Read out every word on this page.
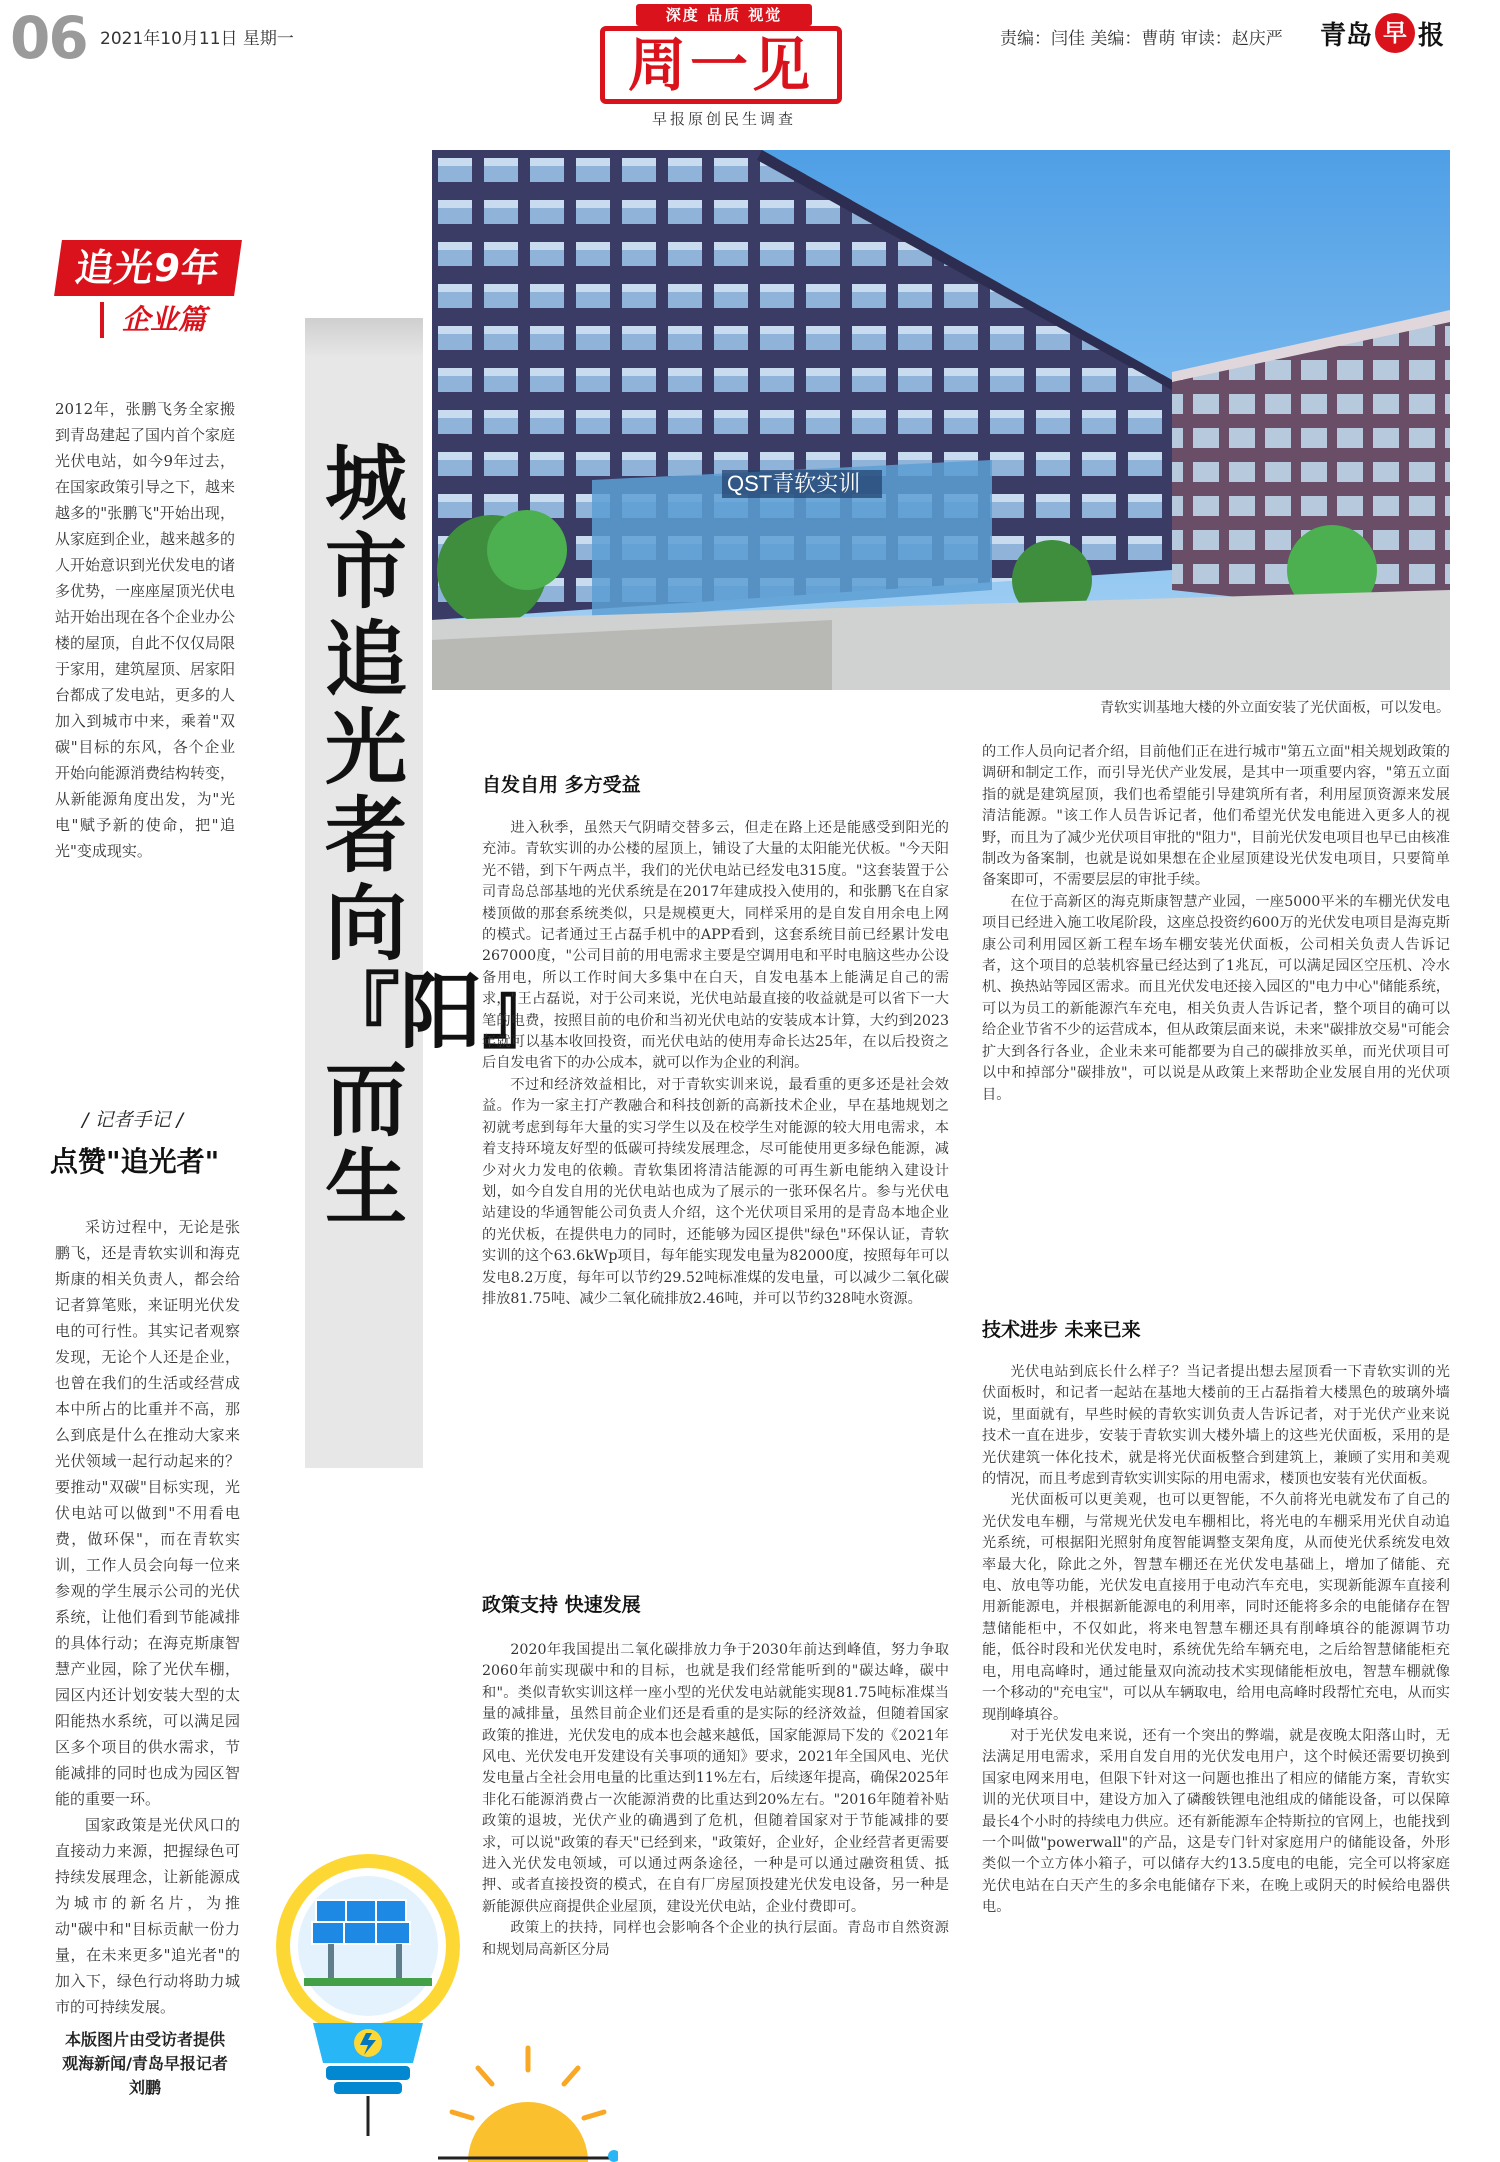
06 2021年10月11日 星期一	责编：闫佳 美编：曹萌 审读：赵庆严 青岛 早 报
深度 品质 视觉
周一见
早报原创民生调查
追光9年
企业篇
2012年，张鹏飞务全家搬到青岛建起了国内首个家庭光伏电站，如今9年过去，在国家政策引导之下，越来越多的"张鹏飞"开始出现，从家庭到企业，越来越多的人开始意识到光伏发电的诸多优势，一座座屋顶光伏电站开始出现在各个企业办公楼的屋顶，自此不仅仅局限于家用，建筑屋顶、居家阳台都成了发电站，更多的人加入到城市中来，乘着"双碳"目标的东风，各个企业开始向能源消费结构转变，从新能源角度出发，为"光电"赋予新的使命，把"追光"变成现实。
/ 记者手记 /
点赞"追光者"

采访过程中，无论是张鹏飞，还是青软实训和海克斯康的相关负责人，都会给记者算笔账，来证明光伏发电的可行性。其实记者观察发现，无论个人还是企业，也曾在我们的生活或经营成本中所占的比重并不高，那么到底是什么在推动大家来光伏领域一起行动起来的？要推动"双碳"目标实现，光伏电站可以做到"不用看电费，做环保"，而在青软实训，工作人员会向每一位来参观的学生展示公司的光伏系统，让他们看到节能减排的具体行动；在海克斯康智慧产业园，除了光伏车棚，园区内还计划安装大型的太阳能热水系统，可以满足园区多个项目的供水需求，节能减排的同时也成为园区智能的重要一环。

国家政策是光伏风口的直接动力来源，把握绿色可持续发展理念，让新能源成为城市的新名片，为推动"碳中和"目标贡献一份力量，在未来更多"追光者"的加入下，绿色行动将助力城市的可持续发展。

本版图片由受访者提供
观海新闻/青岛早报记者
刘鹏
城市追光者向『阳』而生
QST青软实训
青软实训基地大楼的外立面安装了光伏面板，可以发电。
自发自用 多方受益

进入秋季，虽然天气阴晴交替多云，但走在路上还是能感受到阳光的充沛。青软实训的办公楼的屋顶上，铺设了大量的太阳能光伏板。"今天阳光不错，到下午两点半，我们的光伏电站已经发电315度。"这套装置于公司青岛总部基地的光伏系统是在2017年建成投入使用的，和张鹏飞在自家楼顶做的那套系统类似，只是规模更大，同样采用的是自发自用余电上网的模式。记者通过王占磊手机中的APP看到，这套系统目前已经累计发电267000度，"公司目前的用电需求主要是空调用电和平时电脑这些办公设备用电，所以工作时间大多集中在白天，自发电基本上能满足自己的需求，"王占磊说，对于公司来说，光伏电站最直接的收益就是可以省下一大笔的电费，按照目前的电价和当初光伏电站的安装成本计算，大约到2023年就可以基本收回投资，而光伏电站的使用寿命长达25年，在以后投资之后自发电省下的办公成本，就可以作为企业的利润。

不过和经济效益相比，对于青软实训来说，最看重的更多还是社会效益。作为一家主打产教融合和科技创新的高新技术企业，早在基地规划之初就考虑到每年大量的实习学生以及在校学生对能源的较大用电需求，本着支持环境友好型的低碳可持续发展理念，尽可能使用更多绿色能源，减少对火力发电的依赖。青软集团将清洁能源的可再生新电能纳入建设计划，如今自发自用的光伏电站也成为了展示的一张环保名片。参与光伏电站建设的华通智能公司负责人介绍，这个光伏项目采用的是青岛本地企业的光伏板，在提供电力的同时，还能够为园区提供"绿色"环保认证，青软实训的这个63.6kWp项目，每年能实现发电量为82000度，按照每年可以发电8.2万度，每年可以节约29.52吨标准煤的发电量，可以减少二氧化碳排放81.75吨、减少二氧化硫排放2.46吨，并可以节约328吨水资源。

政策支持 快速发展

2020年我国提出二氧化碳排放力争于2030年前达到峰值，努力争取2060年前实现碳中和的目标，也就是我们经常能听到的"碳达峰，碳中和"。类似青软实训这样一座小型的光伏发电站就能实现81.75吨标准煤当量的减排量，虽然目前企业们还是看重的是实际的经济效益，但随着国家政策的推进，光伏发电的成本也会越来越低，国家能源局下发的《2021年风电、光伏发电开发建设有关事项的通知》要求，2021年全国风电、光伏发电量占全社会用电量的比重达到11%左右，后续逐年提高，确保2025年非化石能源消费占一次能源消费的比重达到20%左右。"2016年随着补贴政策的退坡，光伏产业的确遇到了危机，但随着国家对于节能减排的要求，可以说"政策的春天"已经到来，"政策好，企业好，企业经营者更需要进入光伏发电领域，可以通过两条途径，一种是可以通过融资租赁、抵押、或者直接投资的模式，在自有厂房屋顶投建光伏发电设备，另一种是新能源供应商提供企业屋顶，建设光伏电站，企业付费即可。

政策上的扶持，同样也会影响各个企业的执行层面。青岛市自然资源和规划局高新区分局

的工作人员向记者介绍，目前他们正在进行城市"第五立面"相关规划政策的调研和制定工作，而引导光伏产业发展，是其中一项重要内容，"第五立面指的就是建筑屋顶，我们也希望能引导建筑所有者，利用屋顶资源来发展清洁能源。"该工作人员告诉记者，他们希望光伏发电能进入更多人的视野，而且为了减少光伏项目审批的"阻力"，目前光伏发电项目也早已由核准制改为备案制，也就是说如果想在企业屋顶建设光伏发电项目，只要简单备案即可，不需要层层的审批手续。

在位于高新区的海克斯康智慧产业园，一座5000平米的车棚光伏发电项目已经进入施工收尾阶段，这座总投资约600万的光伏发电项目是海克斯康公司利用园区新工程车场车棚安装光伏面板，公司相关负责人告诉记者，这个项目的总装机容量已经达到了1兆瓦，可以满足园区空压机、冷水机、换热站等园区需求。而且光伏发电还接入园区的"电力中心"储能系统，可以为员工的新能源汽车充电，相关负责人告诉记者，整个项目的确可以给企业节省不少的运营成本，但从政策层面来说，未来"碳排放交易"可能会扩大到各行各业，企业未来可能都要为自己的碳排放买单，而光伏项目可以中和掉部分"碳排放"，可以说是从政策上来帮助企业发展自用的光伏项目。

技术进步 未来已来

光伏电站到底长什么样子？当记者提出想去屋顶看一下青软实训的光伏面板时，和记者一起站在基地大楼前的王占磊指着大楼黑色的玻璃外墙说，里面就有，早些时候的青软实训负责人告诉记者，对于光伏产业来说技术一直在进步，安装于青软实训大楼外墙上的这些光伏面板，采用的是光伏建筑一体化技术，就是将光伏面板整合到建筑上，兼顾了实用和美观的情况，而且考虑到青软实训实际的用电需求，楼顶也安装有光伏面板。

光伏面板可以更美观，也可以更智能，不久前将光电就发布了自己的光伏发电车棚，与常规光伏发电车棚相比，将光电的车棚采用光伏自动追光系统，可根据阳光照射角度智能调整支架角度，从而使光伏系统发电效率最大化，除此之外，智慧车棚还在光伏发电基础上，增加了储能、充电、放电等功能，光伏发电直接用于电动汽车充电，实现新能源车直接利用新能源电，并根据新能源电的利用率，同时还能将多余的电能储存在智慧储能柜中，不仅如此，将来电智慧车棚还具有削峰填谷的能源调节功能，低谷时段和光伏发电时，系统优先给车辆充电，之后给智慧储能柜充电，用电高峰时，通过能量双向流动技术实现储能柜放电，智慧车棚就像一个移动的"充电宝"，可以从车辆取电，给用电高峰时段帮忙充电，从而实现削峰填谷。

对于光伏发电来说，还有一个突出的弊端，就是夜晚太阳落山时，无法满足用电需求，采用自发自用的光伏发电用户，这个时候还需要切换到国家电网来用电，但限下针对这一问题也推出了相应的储能方案，青软实训的光伏项目中，建设方加入了磷酸铁锂电池组成的储能设备，可以保障最长4个小时的持续电力供应。还有新能源车企特斯拉的官网上，也能找到一个叫做"powerwall"的产品，这是专门针对家庭用户的储能设备，外形类似一个立方体小箱子，可以储存大约13.5度电的电能，完全可以将家庭光伏电站在白天产生的多余电能储存下来，在晚上或阴天的时候给电器供电。
